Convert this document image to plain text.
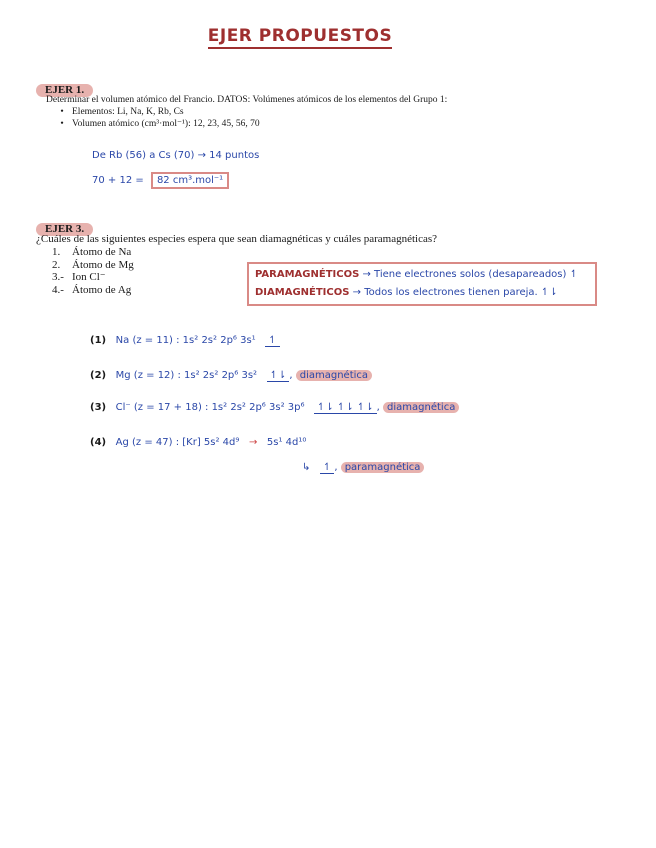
EJER PROPUESTOS
EJER 1.
Determinar el volumen atómico del Francio. DATOS: Volúmenes atómicos de los elementos del Grupo 1:
• Elementos: Li, Na, K, Rb, Cs
• Volumen atómico (cm³·mol⁻¹): 12, 23, 45, 56, 70
De Rb (56) a Cs (70) → 14 puntos
70 + 12 = 82 cm³.mol⁻¹
EJER 3.
¿Cuáles de las siguientes especies espera que sean diamagnéticas y cuáles paramagnéticas?
1. Átomo de Na
2. Átomo de Mg
3.- Ion Cl⁻
4.- Átomo de Ag
PARAMAGNÉTICOS → Tiene electrones solos (desapareados) ↿
DIAMAGNÉTICOS → Todos los electrones tienen pareja. ↿⇂
(1) Na (z = 11) : 1s² 2s² 2p⁶ 3s¹ ↿
(2) Mg (z = 12) : 1s² 2s² 2p⁶ 3s² ↿⇂ , diamagnética
(3) Cl⁻ (z = 17 + 18) : 1s² 2s² 2p⁶ 3s² 3p⁶ ↿⇂ ↿⇂ ↿⇂ , diamagnética
(4) Ag (z = 47) : [Kr] 5s² 4d⁹   →   5s¹ 4d¹⁰
↳ ↿ , paramagnética
